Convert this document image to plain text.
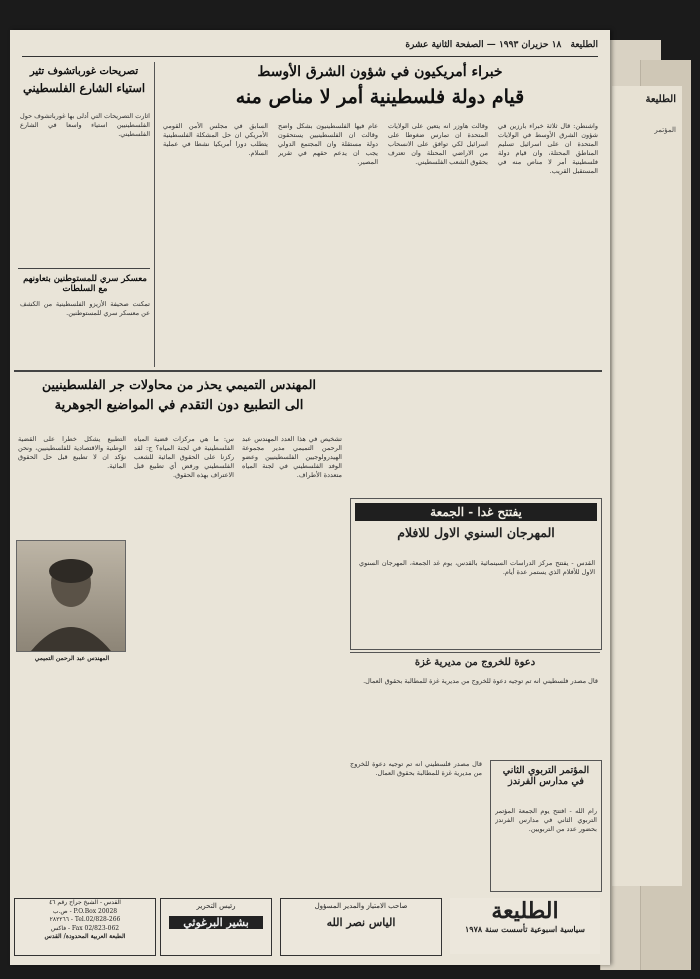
الطليعة
المؤتمر
الطليعة ١٨ حزيران ١٩٩٣ — الصفحة الثانية عشرة
خبراء أمريكيون في شؤون الشرق الأوسط
قيام دولة فلسطينية أمر لا مناص منه
واشنطن: قال ثلاثة خبراء بارزين في شؤون الشرق الأوسط في الولايات المتحدة ان على اسرائيل تسليم المناطق المحتلة، وان قيام دولة فلسطينية أمر لا مناص منه في المستقبل القريب.
وقالت هاوزر انه يتعين على الولايات المتحدة ان تمارس ضغوطا على اسرائيل لكي توافق على الانسحاب من الاراضي المحتلة وان تعترف بحقوق الشعب الفلسطيني.
عام فيها الفلسطينيون بشكل واضح وقالت ان الفلسطينيين يستحقون دولة مستقلة وان المجتمع الدولي يجب ان يدعم حقهم في تقرير المصير.
السابق في مجلس الأمن القومي الأمريكي ان حل المشكلة الفلسطينية يتطلب دورا أمريكيا نشطا في عملية السلام.
تصريحات غورباتشوف تثير
استياء الشارع الفلسطيني
اثارت التصريحات التي أدلى بها غورباتشوف حول الفلسطينيين استياء واسعا في الشارع الفلسطيني.
معسكر سري للمستوطنين بتعاونهم مع السلطات
تمكنت صحيفة الأزيزو الفلسطينية من الكشف عن معسكر سري للمستوطنين.
المهندس التميمي يحذر من محاولات جر الفلسطينيين
الى التطبيع دون التقدم في المواضيع الجوهرية
تشخيص في هذا العدد المهندس عبد الرحمن التميمي مدير مجموعة الهيدرولوجيين الفلسطينيين وعضو الوفد الفلسطيني في لجنة المياه متعددة الأطراف.
س: ما هي مركزات قضية المياه الفلسطينية في لجنة المياه؟ ج: لقد ركزنا على الحقوق المائية للشعب الفلسطيني ورفض أي تطبيع قبل الاعتراف بهذه الحقوق.
التطبيع يشكل خطرا على القضية الوطنية والاقتصادية للفلسطينيين، ونحن نؤكد ان لا تطبيع قبل حل الحقوق المائية.
المهندس عبد الرحمن التميمي
يفتتح غدا - الجمعة
المهرجان السنوي الاول للافلام
القدس - يفتتح مركز الدراسات السينمائية بالقدس، يوم غد الجمعة، المهرجان السنوي الاول للأفلام الذي يستمر عدة أيام.
دعوة للخروج من مديرية غزة
قال مصدر فلسطيني انه تم توجيه دعوة للخروج من مديرية غزة للمطالبة بحقوق العمال.
المؤتمر التربوي الثاني في مدارس الفرندز
رام الله - افتتح يوم الجمعة المؤتمر التربوي الثاني في مدارس الفرندز بحضور عدد من التربويين.
قال مصدر فلسطيني انه تم توجيه دعوة للخروج من مديرية غزة للمطالبة بحقوق العمال.
الطليعة
سياسية اسبوعية تأسست سنة ١٩٧٨
صاحب الامتياز والمدير المسؤول
الياس نصر الله
رئيس التحرير
بشير البرغوثي
القدس - الشيخ جراح رقم ٤٦
P.O.Box 20028 - ص.ب
Tel.02/828-266 - ٢٨٢٢٦٦
Fax 02/823-062 - فاكس
الطبعة العربية المحدودة/ القدس
